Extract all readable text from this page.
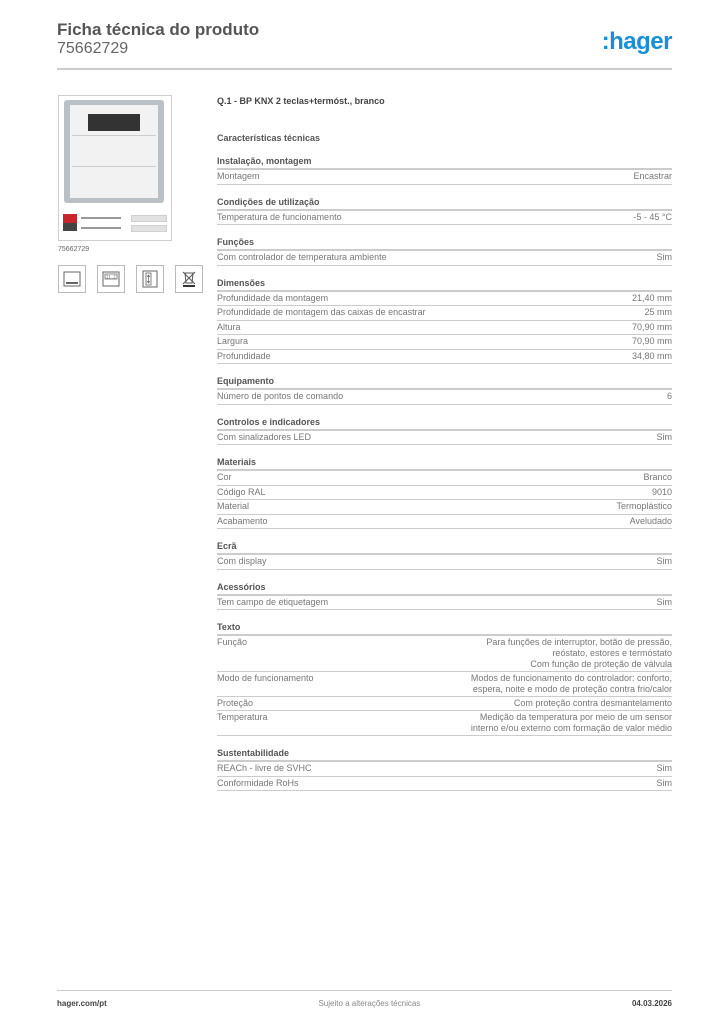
Ficha técnica do produto
75662729	:hager
75662729
21.2
Q.1 - BP KNX 2 teclas+termóst., branco
Características técnicas
Instalação, montagem
Montagem	Encastrar
Condições de utilização
Temperatura de funcionamento	-5 - 45 °C
Funções
Com controlador de temperatura ambiente	Sim
Dimensões
Profundidade da montagem	21,40 mm
Profundidade de montagem das caixas de encastrar	25 mm
Altura	70,90 mm
Largura	70,90 mm
Profundidade	34,80 mm
Equipamento
Número de pontos de comando	6
Controlos e indicadores
Com sinalizadores LED	Sim
Materiais
Cor	Branco
Código RAL	9010
Material	Termoplástico
Acabamento	Aveludado
Ecrã
Com display	Sim
Acessórios
Tem campo de etiquetagem	Sim
Texto
Função	Para funções de interruptor, botão de pressão,
reóstato, estores e termóstato
Com função de proteção de válvula
Modo de funcionamento	Modos de funcionamento do controlador: conforto,
espera, noite e modo de proteção contra frio/calor
Proteção	Com proteção contra desmantelamento
Temperatura	Medição da temperatura por meio de um sensor
interno e/ou externo com formação de valor médio
Sustentabilidade
REACh - livre de SVHC	Sim
Conformidade RoHs	Sim
hager.com/pt	Sujeito a alterações técnicas	04.03.2026
